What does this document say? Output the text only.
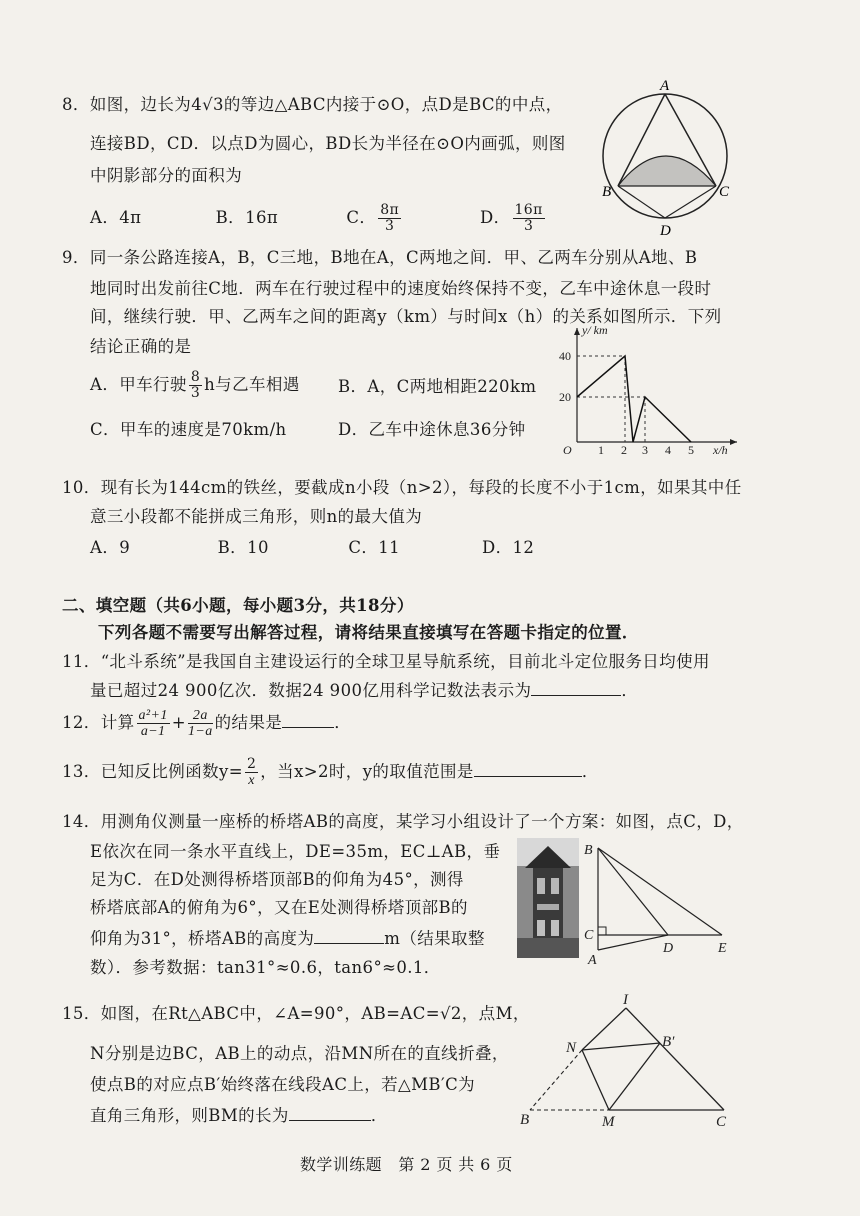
8．如图，边长为4√3的等边△ABC内接于⊙O，点D是BC的中点，
连接BD，CD．以点D为圆心，BD长为半径在⊙O内画弧，则图
中阴影部分的面积为
A．4π	B．16π	C． $\frac{8\pi}{3}$	D． $\frac{16\pi}{3}$
A
B	C
D
9．同一条公路连接A，B，C三地，B地在A，C两地之间．甲、乙两车分别从A地、B
地同时出发前往C地．两车在行驶过程中的速度始终保持不变，乙车中途休息一段时
间，继续行驶．甲、乙两车之间的距离y（km）与时间x（h）的关系如图所示．下列
结论正确的是
A．甲车行驶 $\frac{8}{3}$ h与乙车相遇 B．A，C两地相距220km
C．甲车的速度是70km/h	D．乙车中途休息36分钟
y/ km
x/h
O
20
40
1 2 3 4 5
10．现有长为144cm的铁丝，要截成n小段（n>2），每段的长度不小于1cm，如果其中任
意三小段都不能拼成三角形，则n的最大值为
A．9	B．10	C．11	D．12
二、填空题（共6小题，每小题3分，共18分）
下列各题不需要写出解答过程，请将结果直接填写在答题卡指定的位置．
11．“北斗系统”是我国自主建设运行的全球卫星导航系统，目前北斗定位服务日均使用
量已超过24 900亿次．数据24 900亿用科学记数法表示为	．
12．计算 $\frac{\text{a²+1}}{a-1} + \frac{2a}{1-a}$ 的结果是	．
13．已知反比例函数$y= \frac{2}{x}$ ，当x>2时，y的取值范围是	．
14．用测角仪测量一座桥的桥塔AB的高度，某学习小组设计了一个方案：如图，点C，D，
E依次在同一条水平直线上，DE=35m，EC⊥AB，垂
足为C．在D处测得桥塔顶部B的仰角为45°，测得
桥塔底部A的俯角为6°，又在E处测得桥塔顶部B的
仰角为31°，桥塔AB的高度为	m（结果取整
数）．参考数据：tan31°≈0.6，tan6°≈0.1．
B
C
D	E
A
15．如图，在Rt△ABC中，∠A=90°，AB=AC=√2，点M，
N分别是边BC，AB上的动点，沿MN所在的直线折叠，
使点B的对应点B′始终落在线段AC上，若△MB′C为
直角三角形，则BM的长为	．
I
N	B′
B	M	C
数学训练题　第 2 页 共 6 页
